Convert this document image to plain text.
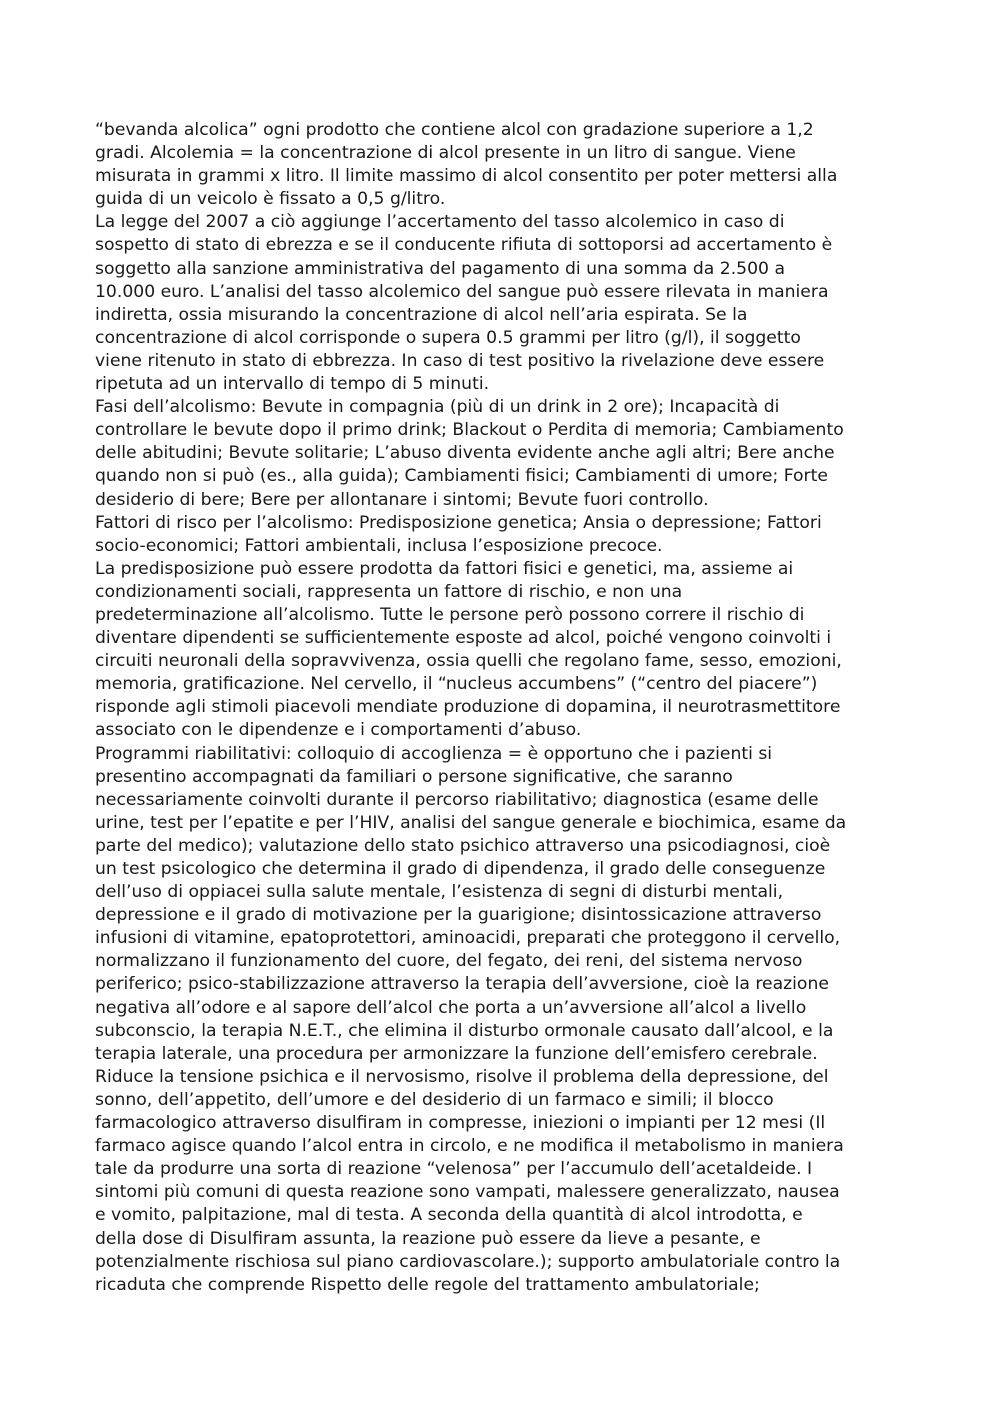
“bevanda alcolica” ogni prodotto che contiene alcol con gradazione superiore a 1,2
gradi. Alcolemia = la concentrazione di alcol presente in un litro di sangue. Viene
misurata in grammi x litro. Il limite massimo di alcol consentito per poter mettersi alla
guida di un veicolo è fissato a 0,5 g/litro.
La legge del 2007 a ciò aggiunge l’accertamento del tasso alcolemico in caso di
sospetto di stato di ebrezza e se il conducente rifiuta di sottoporsi ad accertamento è
soggetto alla sanzione amministrativa del pagamento di una somma da 2.500 a
10.000 euro. L’analisi del tasso alcolemico del sangue può essere rilevata in maniera
indiretta, ossia misurando la concentrazione di alcol nell’aria espirata. Se la
concentrazione di alcol corrisponde o supera 0.5 grammi per litro (g/l), il soggetto
viene ritenuto in stato di ebbrezza. In caso di test positivo la rivelazione deve essere
ripetuta ad un intervallo di tempo di 5 minuti.
Fasi dell’alcolismo: Bevute in compagnia (più di un drink in 2 ore); Incapacità di
controllare le bevute dopo il primo drink; Blackout o Perdita di memoria; Cambiamento
delle abitudini; Bevute solitarie; L’abuso diventa evidente anche agli altri; Bere anche
quando non si può (es., alla guida); Cambiamenti fisici; Cambiamenti di umore; Forte
desiderio di bere; Bere per allontanare i sintomi; Bevute fuori controllo.
Fattori di risco per l’alcolismo: Predisposizione genetica; Ansia o depressione; Fattori
socio-economici; Fattori ambientali, inclusa l’esposizione precoce.
La predisposizione può essere prodotta da fattori fisici e genetici, ma, assieme ai
condizionamenti sociali, rappresenta un fattore di rischio, e non una
predeterminazione all’alcolismo. Tutte le persone però possono correre il rischio di
diventare dipendenti se sufficientemente esposte ad alcol, poiché vengono coinvolti i
circuiti neuronali della sopravvivenza, ossia quelli che regolano fame, sesso, emozioni,
memoria, gratificazione. Nel cervello, il “nucleus accumbens” (“centro del piacere”)
risponde agli stimoli piacevoli mendiate produzione di dopamina, il neurotrasmettitore
associato con le dipendenze e i comportamenti d’abuso.
Programmi riabilitativi: colloquio di accoglienza = è opportuno che i pazienti si
presentino accompagnati da familiari o persone significative, che saranno
necessariamente coinvolti durante il percorso riabilitativo; diagnostica (esame delle
urine, test per l’epatite e per l’HIV, analisi del sangue generale e biochimica, esame da
parte del medico); valutazione dello stato psichico attraverso una psicodiagnosi, cioè
un test psicologico che determina il grado di dipendenza, il grado delle conseguenze
dell’uso di oppiacei sulla salute mentale, l’esistenza di segni di disturbi mentali,
depressione e il grado di motivazione per la guarigione; disintossicazione attraverso
infusioni di vitamine, epatoprotettori, aminoacidi, preparati che proteggono il cervello,
normalizzano il funzionamento del cuore, del fegato, dei reni, del sistema nervoso
periferico; psico-stabilizzazione attraverso la terapia dell’avversione, cioè la reazione
negativa all’odore e al sapore dell’alcol che porta a un’avversione all’alcol a livello
subconscio, la terapia N.E.T., che elimina il disturbo ormonale causato dall’alcool, e la
terapia laterale, una procedura per armonizzare la funzione dell’emisfero cerebrale.
Riduce la tensione psichica e il nervosismo, risolve il problema della depressione, del
sonno, dell’appetito, dell’umore e del desiderio di un farmaco e simili; il blocco
farmacologico attraverso disulfiram in compresse, iniezioni o impianti per 12 mesi (Il
farmaco agisce quando l’alcol entra in circolo, e ne modifica il metabolismo in maniera
tale da produrre una sorta di reazione “velenosa” per l’accumulo dell’acetaldeide. I
sintomi più comuni di questa reazione sono vampati, malessere generalizzato, nausea
e vomito, palpitazione, mal di testa. A seconda della quantità di alcol introdotta, e
della dose di Disulfiram assunta, la reazione può essere da lieve a pesante, e
potenzialmente rischiosa sul piano cardiovascolare.); supporto ambulatoriale contro la
ricaduta che comprende Rispetto delle regole del trattamento ambulatoriale;
